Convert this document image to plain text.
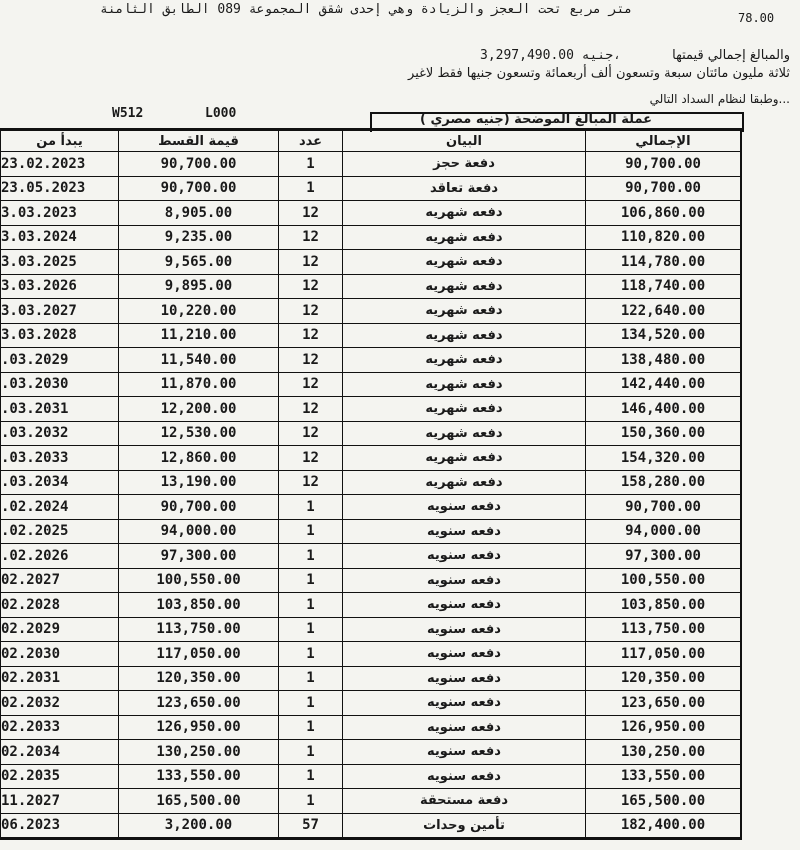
متر مربع تحت العجز والزيادة وهي إحدى شقق المجموعة 089 الطابق الثامنة
78.00
3,297,490.00 جنيه،	والمبالغ إجمالي قيمتها
ثلاثة مليون مائتان سبعة وتسعون ألف أربعمائة وتسعون جنيها فقط لاغير
وطبقا لنظام السداد التالي...
W512	L000	عملة المبالغ الموضحة (جنيه مصري )
يبدأ من	قيمة القسط	عدد	البيان	الإجمالي
23.02.2023	90,700.00	1	دفعة حجز	90,700.00
23.05.2023	90,700.00	1	دفعة تعاقد	90,700.00
3.03.2023	8,905.00	12	دفعه شهريه	106,860.00
3.03.2024	9,235.00	12	دفعه شهريه	110,820.00
3.03.2025	9,565.00	12	دفعه شهريه	114,780.00
3.03.2026	9,895.00	12	دفعه شهريه	118,740.00
3.03.2027	10,220.00	12	دفعه شهريه	122,640.00
3.03.2028	11,210.00	12	دفعه شهريه	134,520.00
.03.2029	11,540.00	12	دفعه شهريه	138,480.00
.03.2030	11,870.00	12	دفعه شهريه	142,440.00
.03.2031	12,200.00	12	دفعه شهريه	146,400.00
.03.2032	12,530.00	12	دفعه شهريه	150,360.00
.03.2033	12,860.00	12	دفعه شهريه	154,320.00
.03.2034	13,190.00	12	دفعه شهريه	158,280.00
.02.2024	90,700.00	1	دفعه سنويه	90,700.00
.02.2025	94,000.00	1	دفعه سنويه	94,000.00
.02.2026	97,300.00	1	دفعه سنويه	97,300.00
02.2027	100,550.00	1	دفعه سنويه	100,550.00
02.2028	103,850.00	1	دفعه سنويه	103,850.00
02.2029	113,750.00	1	دفعه سنويه	113,750.00
02.2030	117,050.00	1	دفعه سنويه	117,050.00
02.2031	120,350.00	1	دفعه سنويه	120,350.00
02.2032	123,650.00	1	دفعه سنويه	123,650.00
02.2033	126,950.00	1	دفعه سنويه	126,950.00
02.2034	130,250.00	1	دفعه سنويه	130,250.00
02.2035	133,550.00	1	دفعه سنويه	133,550.00
11.2027	165,500.00	1	دفعة مستحقة	165,500.00
06.2023	3,200.00	57	تأمين وحدات	182,400.00
